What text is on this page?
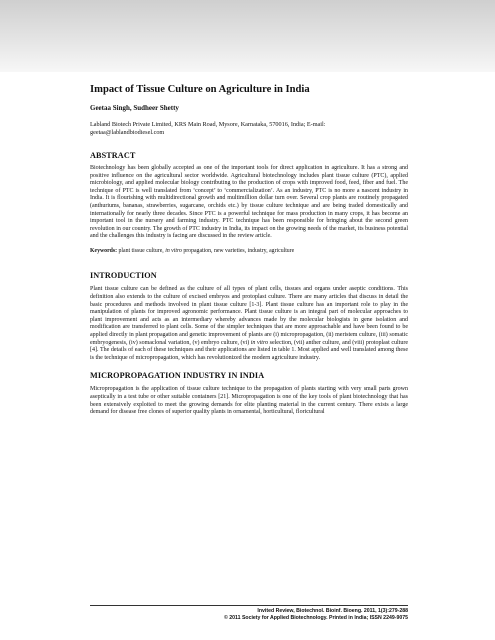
Impact of Tissue Culture on Agriculture in India
Geetaa Singh, Sudheer Shetty
Labland Biotech Private Limited, KRS Main Road, Mysore, Karnataka, 570016, India; E-mail:
geetaa@lablandbiodiesel.com
ABSTRACT

Biotechnology has been globally accepted as one of the important tools for direct application in agriculture. It has a strong and positive influence on the agricultural sector worldwide. Agricultural biotechnology includes plant tissue culture (PTC), applied microbiology, and applied molecular biology contributing to the production of crops with improved food, feed, fiber and fuel. The technique of PTC is well translated from ‘concept’ to ‘commercialization’. As an industry, PTC is no more a nascent industry in India. It is flourishing with multidirectional growth and multimillion dollar turn over. Several crop plants are routinely propagated (anthuriums, bananas, strawberries, sugarcane, orchids etc.) by tissue culture technique and are being traded domestically and internationally for nearly three decades. Since PTC is a powerful technique for mass production in many crops, it has become an important tool in the nursery and farming industry. PTC technique has been responsible for bringing about the second green revolution in our country. The growth of PTC industry in India, its impact on the growing needs of the market, its business potential and the challenges this industry is facing are discussed in the review article.

Keywords: plant tissue culture, in vitro propagation, new varieties, industry, agriculture

INTRODUCTION

Plant tissue culture can be defined as the culture of all types of plant cells, tissues and organs under aseptic conditions. This definition also extends to the culture of excised embryos and protoplast culture. There are many articles that discuss in detail the basic procedures and methods involved in plant tissue culture [1-3]. Plant tissue culture has an important role to play in the manipulation of plants for improved agronomic performance. Plant tissue culture is an integral part of molecular approaches to plant improvement and acts as an intermediary whereby advances made by the molecular biologists in gene isolation and modification are transferred to plant cells. Some of the simpler techniques that are more approachable and have been found to be applied directly in plant propagation and genetic improvement of plants are (i) micropropagation, (ii) meristem culture, (iii) somatic embryogenesis, (iv) somaclonal variation, (v) embryo culture, (vi) in vitro selection, (vii) anther culture, and (viii) protoplast culture [4]. The details of each of these techniques and their applications are listed in table 1. Most applied and well translated among these is the technique of micropropagation, which has revolutionized the modern agriculture industry.

MICROPROPAGATION INDUSTRY IN INDIA

Micropropagation is the application of tissue culture technique to the propagation of plants starting with very small parts grown aseptically in a test tube or other suitable containers [21]. Micropropagation is one of the key tools of plant biotechnology that has been extensively exploited to meet the growing demands for elite planting material in the current century. There exists a large demand for disease free clones of superior quality plants in ornamental, horticultural, floricultural

Invited Review, Biotechnol. Bioinf. Bioeng. 2011, 1(3):279-288
© 2011 Society for Applied Biotechnology. Printed in India; ISSN 2249-9075
